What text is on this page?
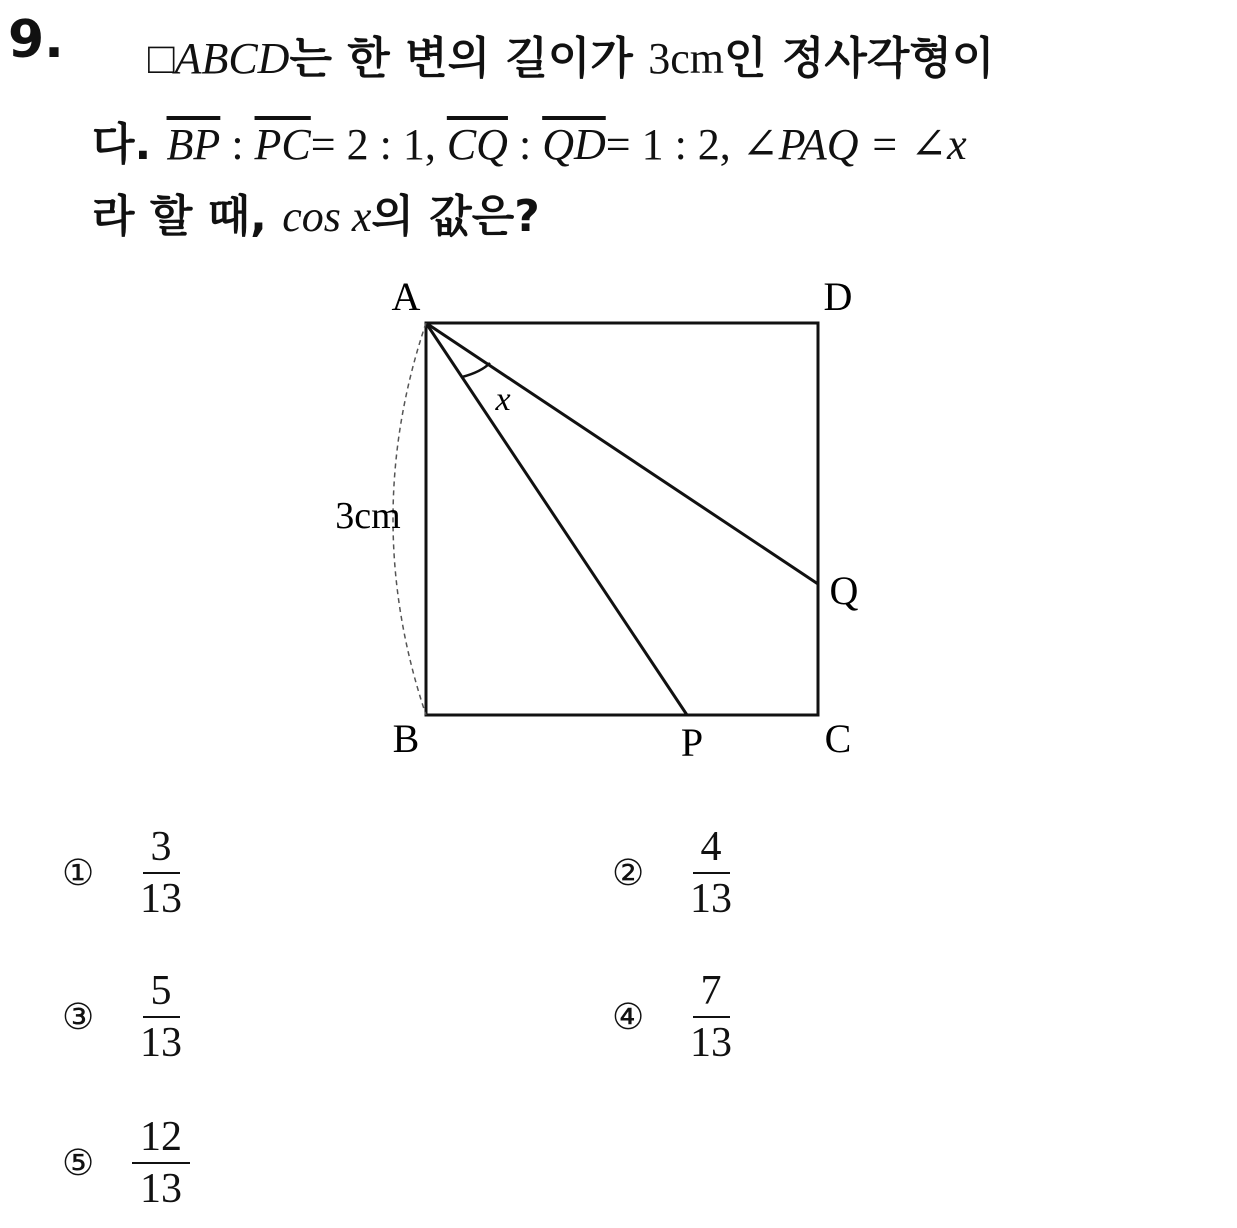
9. □ABCD는 한 변의 길이가 3cm인 정사각형이
다. $\overline{BP}$ : $\overline{PC}= 2$ : 1, $\overline{CQ}$ : $\overline{QD}= 1$ : 2, ∠PAQ = ∠x
라 할 때, cos x의 값은?
A	D
B	C
P
Q
x
3cm
① $\frac{3}{13}$	② $\frac{4}{13}$
③ $\frac{5}{13}$	④ $\frac{7}{13}$
⑤ $\frac{12}{13}$
